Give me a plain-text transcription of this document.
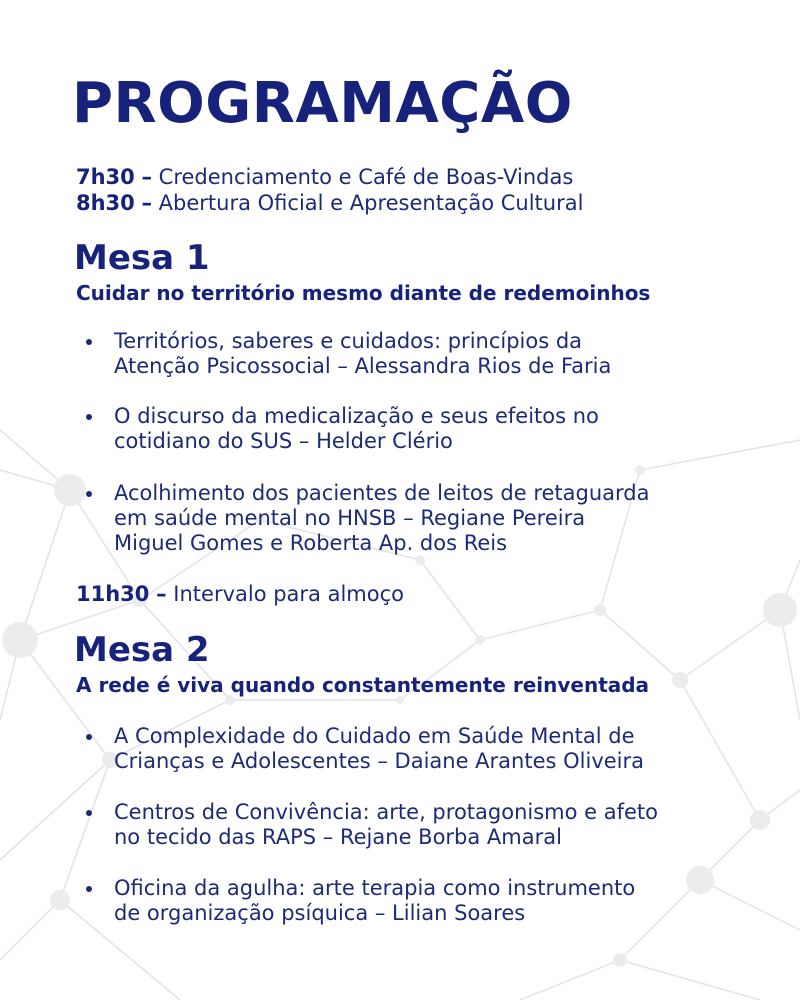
PROGRAMAÇÃO
7h30 – Credenciamento e Café de Boas-Vindas
8h30 – Abertura Oficial e Apresentação Cultural
Mesa 1

Cuidar no território mesmo diante de redemoinhos

Territórios, saberes e cuidados: princípios da
Atenção Psicossocial – Alessandra Rios de Faria
O discurso da medicalização e seus efeitos no
cotidiano do SUS – Helder Clério
Acolhimento dos pacientes de leitos de retaguarda
em saúde mental no HNSB – Regiane Pereira
Miguel Gomes e Roberta Ap. dos Reis
11h30 – Intervalo para almoço
Mesa 2

A rede é viva quando constantemente reinventada

A Complexidade do Cuidado em Saúde Mental de
Crianças e Adolescentes – Daiane Arantes Oliveira
Centros de Convivência: arte, protagonismo e afeto
no tecido das RAPS – Rejane Borba Amaral
Oficina da agulha: arte terapia como instrumento
de organização psíquica – Lilian Soares
